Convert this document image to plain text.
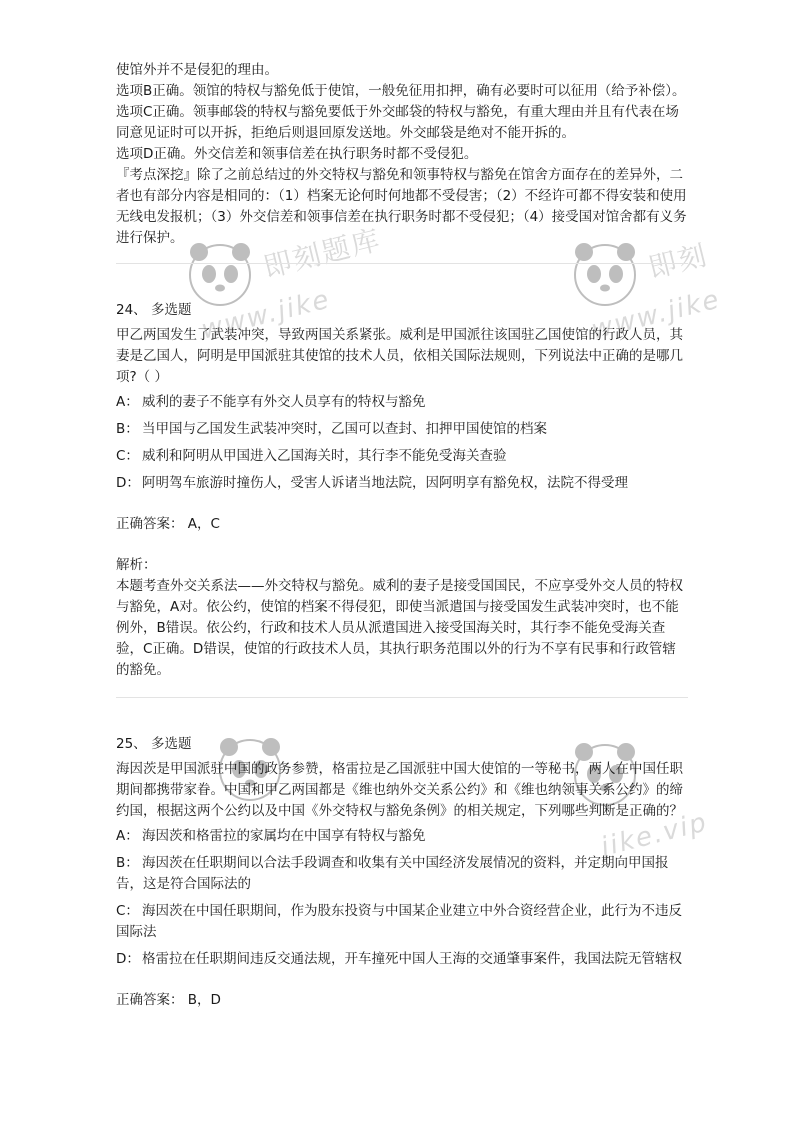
即刻题库
www.jike
即刻
www.jike
jike.vip

使馆外并不是侵犯的理由。

选项B正确。领馆的特权与豁免低于使馆，一般免征用扣押，确有必要时可以征用（给予补偿）。

选项C正确。领事邮袋的特权与豁免要低于外交邮袋的特权与豁免，有重大理由并且有代表在场同意见证时可以开拆，拒绝后则退回原发送地。外交邮袋是绝对不能开拆的。

选项D正确。外交信差和领事信差在执行职务时都不受侵犯。

『考点深挖』除了之前总结过的外交特权与豁免和领事特权与豁免在馆舍方面存在的差异外，二者也有部分内容是相同的：（1）档案无论何时何地都不受侵害；（2）不经许可都不得安装和使用无线电发报机；（3）外交信差和领事信差在执行职务时都不受侵犯；（4）接受国对馆舍都有义务进行保护。

24、 多选题

甲乙两国发生了武装冲突，导致两国关系紧张。威利是甲国派往该国驻乙国使馆的行政人员，其妻是乙国人，阿明是甲国派驻其使馆的技术人员，依相关国际法规则，下列说法中正确的是哪几项?（ ）

A： 威利的妻子不能享有外交人员享有的特权与豁免
B： 当甲国与乙国发生武装冲突时，乙国可以查封、扣押甲国使馆的档案
C： 威利和阿明从甲国进入乙国海关时，其行李不能免受海关查验
D： 阿明驾车旅游时撞伤人，受害人诉诸当地法院，因阿明享有豁免权，法院不得受理
正确答案： A，C
解析：

本题考查外交关系法——外交特权与豁免。威利的妻子是接受国国民，不应享受外交人员的特权与豁免，A对。依公约，使馆的档案不得侵犯，即使当派遣国与接受国发生武装冲突时，也不能例外，B错误。依公约，行政和技术人员从派遣国进入接受国海关时，其行李不能免受海关查验，C正确。D错误，使馆的行政技术人员，其执行职务范围以外的行为不享有民事和行政管辖的豁免。

25、 多选题

海因茨是甲国派驻中国的政务参赞，格雷拉是乙国派驻中国大使馆的一等秘书，两人在中国任职期间都携带家眷。中国和甲乙两国都是《维也纳外交关系公约》和《维也纳领事关系公约》的缔约国，根据这两个公约以及中国《外交特权与豁免条例》的相关规定，下列哪些判断是正确的？

A： 海因茨和格雷拉的家属均在中国享有特权与豁免
B： 海因茨在任职期间以合法手段调查和收集有关中国经济发展情况的资料，并定期向甲国报告，这是符合国际法的
C： 海因茨在中国任职期间，作为股东投资与中国某企业建立中外合资经营企业，此行为不违反国际法
D： 格雷拉在任职期间违反交通法规，开车撞死中国人王海的交通肇事案件，我国法院无管辖权
正确答案： B，D
